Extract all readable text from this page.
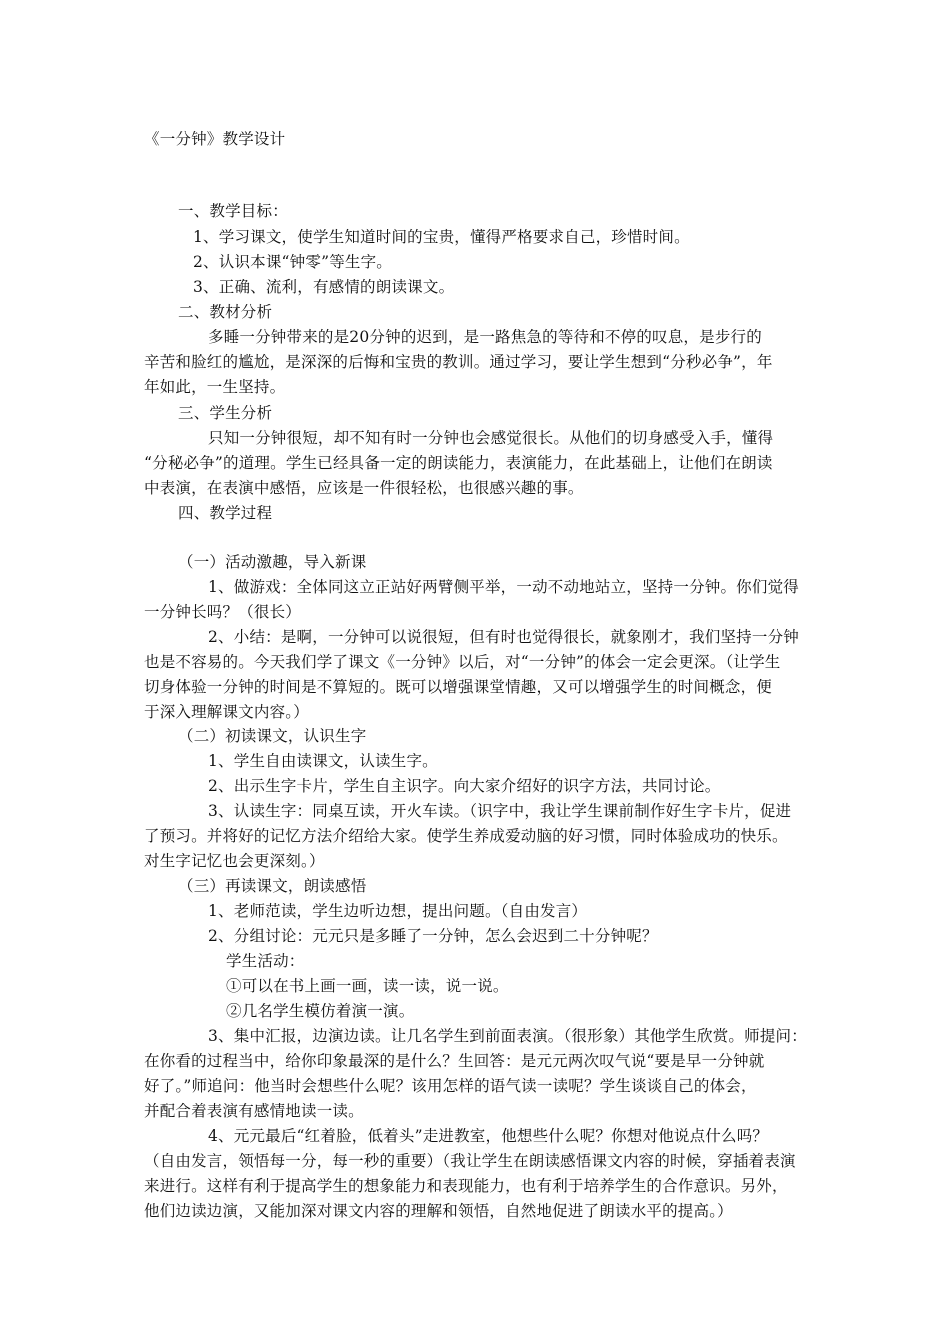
《一分钟》教学设计
一、教学目标：
1、学习课文，使学生知道时间的宝贵，懂得严格要求自己，珍惜时间。
2、认识本课“钟零”等生字。
3、正确、流利，有感情的朗读课文。
二、教材分析
多睡一分钟带来的是20分钟的迟到，是一路焦急的等待和不停的叹息，是步行的
辛苦和脸红的尴尬，是深深的后悔和宝贵的教训。通过学习，要让学生想到“分秒必争”，年
年如此，一生坚持。
三、学生分析
只知一分钟很短，却不知有时一分钟也会感觉很长。从他们的切身感受入手，懂得
“分秘必争”的道理。学生已经具备一定的朗读能力，表演能力，在此基础上，让他们在朗读
中表演，在表演中感悟，应该是一件很轻松，也很感兴趣的事。
四、教学过程
（一）活动激趣，导入新课
1、做游戏：全体同这立正站好两臂侧平举，一动不动地站立，坚持一分钟。你们觉得
一分钟长吗？（很长）
2、小结：是啊，一分钟可以说很短，但有时也觉得很长，就象刚才，我们坚持一分钟
也是不容易的。今天我们学了课文《一分钟》以后，对“一分钟”的体会一定会更深。（让学生
切身体验一分钟的时间是不算短的。既可以增强课堂情趣，又可以增强学生的时间概念，便
于深入理解课文内容。）
（二）初读课文，认识生字
1、学生自由读课文，认读生字。
2、出示生字卡片，学生自主识字。向大家介绍好的识字方法，共同讨论。
3、认读生字：同桌互读，开火车读。（识字中，我让学生课前制作好生字卡片，促进
了预习。并将好的记忆方法介绍给大家。使学生养成爱动脑的好习惯，同时体验成功的快乐。
对生字记忆也会更深刻。）
（三）再读课文，朗读感悟
1、老师范读，学生边听边想，提出问题。（自由发言）
2、分组讨论：元元只是多睡了一分钟，怎么会迟到二十分钟呢？
学生活动：
①可以在书上画一画，读一读，说一说。
②几名学生模仿着演一演。
3、集中汇报，边演边读。让几名学生到前面表演。（很形象）其他学生欣赏。师提问：
在你看的过程当中，给你印象最深的是什么？生回答：是元元两次叹气说“要是早一分钟就
好了。”师追问：他当时会想些什么呢？该用怎样的语气读一读呢？学生谈谈自己的体会，
并配合着表演有感情地读一读。
4、元元最后“红着脸，低着头”走进教室，他想些什么呢？你想对他说点什么吗？
（自由发言，领悟每一分，每一秒的重要）（我让学生在朗读感悟课文内容的时候，穿插着表演
来进行。这样有利于提高学生的想象能力和表现能力，也有利于培养学生的合作意识。另外，
他们边读边演，又能加深对课文内容的理解和领悟，自然地促进了朗读水平的提高。）
